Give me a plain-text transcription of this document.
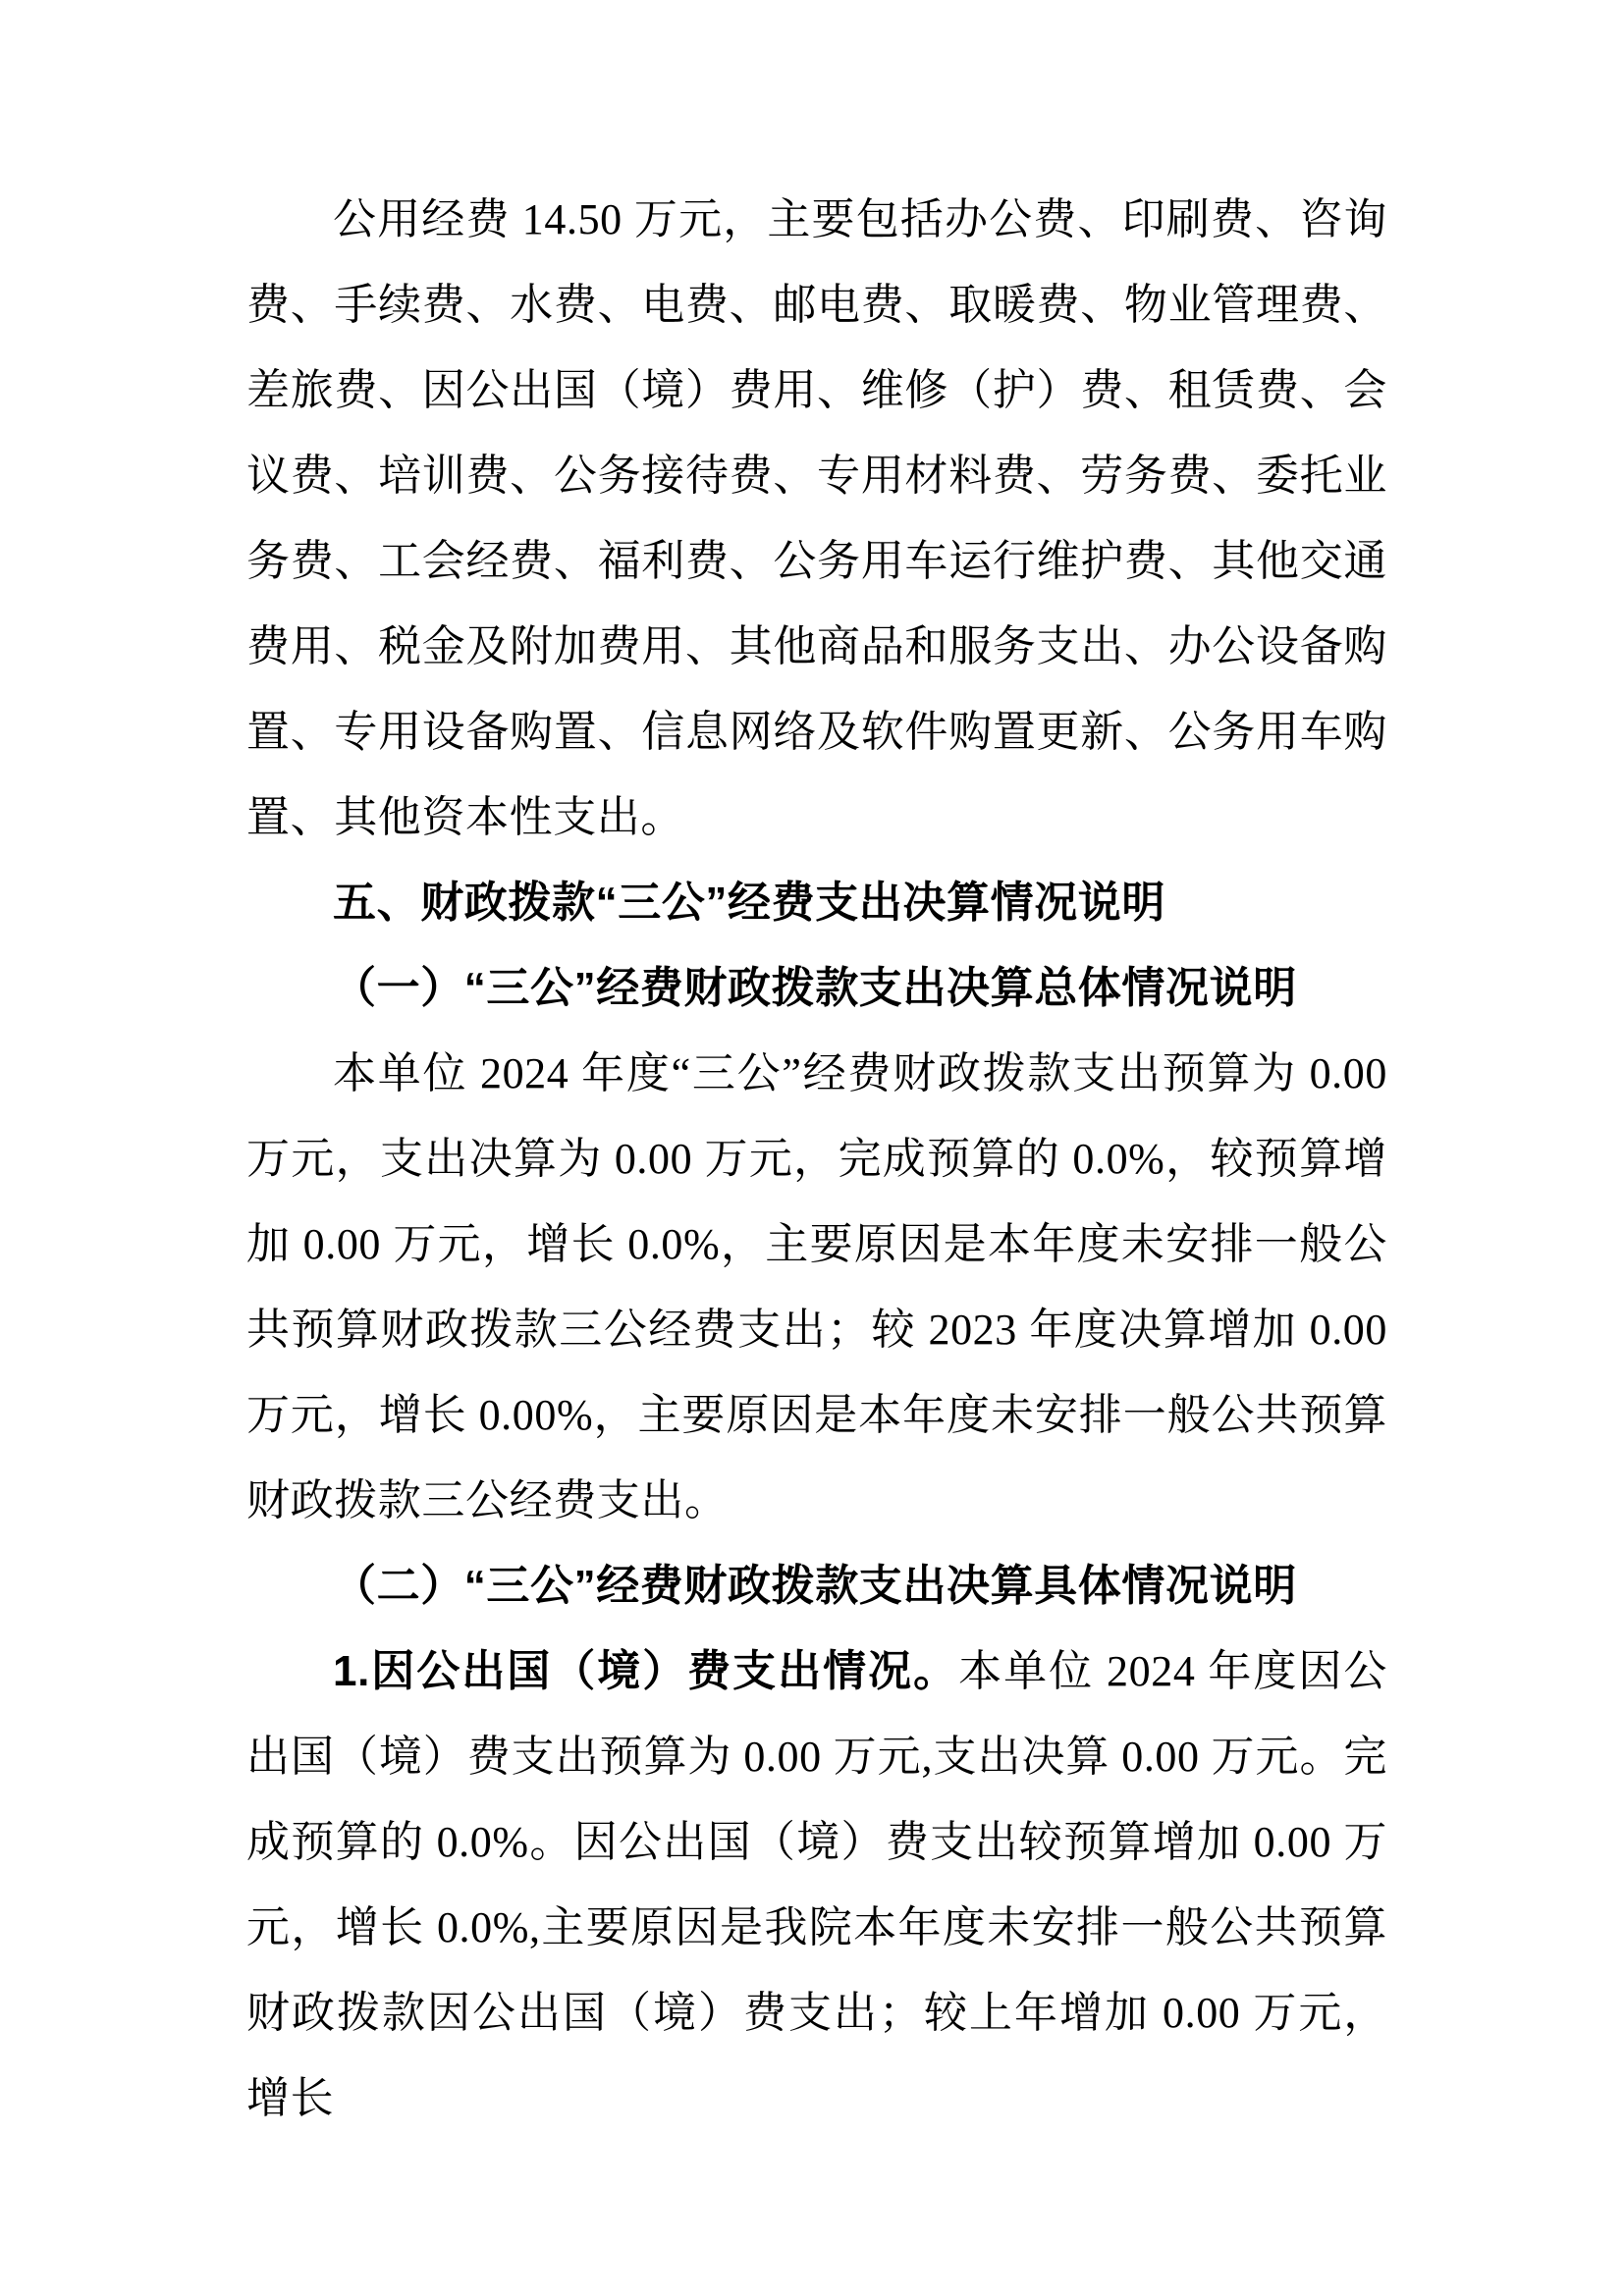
公用经费 14.50 万元，主要包括办公费、印刷费、咨询费、手续费、水费、电费、邮电费、取暖费、物业管理费、差旅费、因公出国（境）费用、维修（护）费、租赁费、会议费、培训费、公务接待费、专用材料费、劳务费、委托业务费、工会经费、福利费、公务用车运行维护费、其他交通费用、税金及附加费用、其他商品和服务支出、办公设备购置、专用设备购置、信息网络及软件购置更新、公务用车购置、其他资本性支出。

五、财政拨款“三公”经费支出决算情况说明

（一）“三公”经费财政拨款支出决算总体情况说明

本单位 2024 年度“三公”经费财政拨款支出预算为 0.00 万元，支出决算为 0.00 万元，完成预算的 0.0%，较预算增加 0.00 万元，增长 0.0%，主要原因是本年度未安排一般公共预算财政拨款三公经费支出；较 2023 年度决算增加 0.00 万元，增长 0.00%，主要原因是本年度未安排一般公共预算财政拨款三公经费支出。

（二）“三公”经费财政拨款支出决算具体情况说明

1.因公出国（境）费支出情况。本单位 2024 年度因公出国（境）费支出预算为 0.00 万元,支出决算 0.00 万元。完成预算的 0.0%。因公出国（境）费支出较预算增加 0.00 万元，增长 0.0%,主要原因是我院本年度未安排一般公共预算财政拨款因公出国（境）费支出；较上年增加 0.00 万元，增长
